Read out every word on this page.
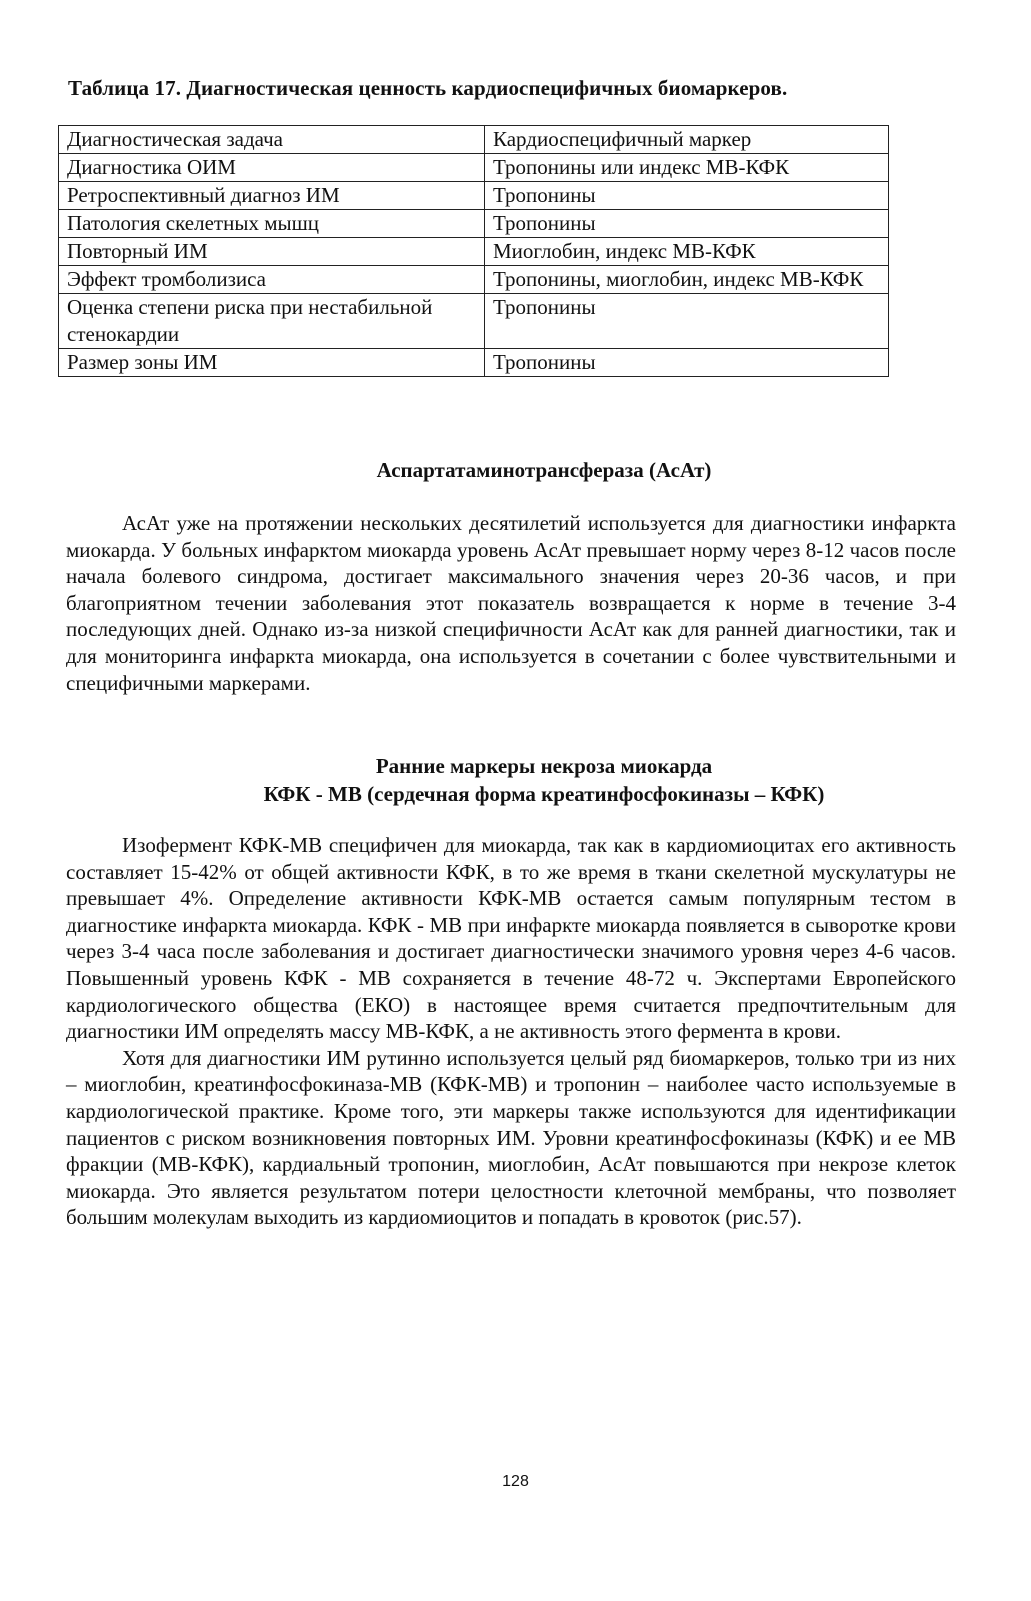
Таблица 17. Диагностическая ценность кардиоспецифичных биомаркеров.
Диагностическая задача	Кардиоспецифичный маркер
Диагностика ОИМ	Тропонины или индекс МВ-КФК
Ретроспективный диагноз ИМ	Тропонины
Патология скелетных мышц	Тропонины
Повторный ИМ	Миоглобин, индекс МВ-КФК
Эффект тромболизиса	Тропонины, миоглобин, индекс МВ-КФК
Оценка степени риска при нестабильной стенокардии	Тропонины
Размер зоны ИМ	Тропонины
Аспартатаминотрансфераза (АсАт)

АсАт уже на протяжении нескольких десятилетий используется для диагностики инфаркта миокарда. У больных инфарктом миокарда уровень АсАт превышает норму через 8-12 часов после начала болевого синдрома, достигает максимального значения через 20-36 часов, и при благоприятном течении заболевания этот показатель возвращается к норме в течение 3-4 последующих дней. Однако из-за низкой специфичности АсАт как для ранней диагностики, так и для мониторинга инфаркта миокарда, она используется в сочетании с более чувствительными и специфичными маркерами.

Ранние маркеры некроза миокарда
КФК - МВ (сердечная форма креатинфосфокиназы – КФК)

Изофермент КФК-МВ специфичен для миокарда, так как в кардиомиоцитах его активность составляет 15-42% от общей активности КФК, в то же время в ткани скелетной мускулатуры не превышает 4%. Определение активности КФК-МВ остается самым популярным тестом в диагностике инфаркта миокарда. КФК - МВ при инфаркте миокарда появляется в сыворотке крови через 3-4 часа после заболевания и достигает диагностически значимого уровня через 4-6 часов. Повышенный уровень КФК - МВ сохраняется в течение 48-72 ч. Экспертами Европейского кардиологического общества (ЕКО) в настоящее время считается предпочтительным для диагностики ИМ определять массу МВ-КФК, а не активность этого фермента в крови.

Хотя для диагностики ИМ рутинно используется целый ряд биомаркеров, только три из них – миоглобин, креатинфосфокиназа-МВ (КФК-МВ) и тропонин – наиболее часто используемые в кардиологической практике. Кроме того, эти маркеры также используются для идентификации пациентов с риском возникновения повторных ИМ. Уровни креатинфосфокиназы (КФК) и ее МВ фракции (МВ-КФК), кардиальный тропонин, миоглобин, АсАт повышаются при некрозе клеток миокарда. Это является результатом потери целостности клеточной мембраны, что позволяет большим молекулам выходить из кардиомиоцитов и попадать в кровоток (рис.57).

128
